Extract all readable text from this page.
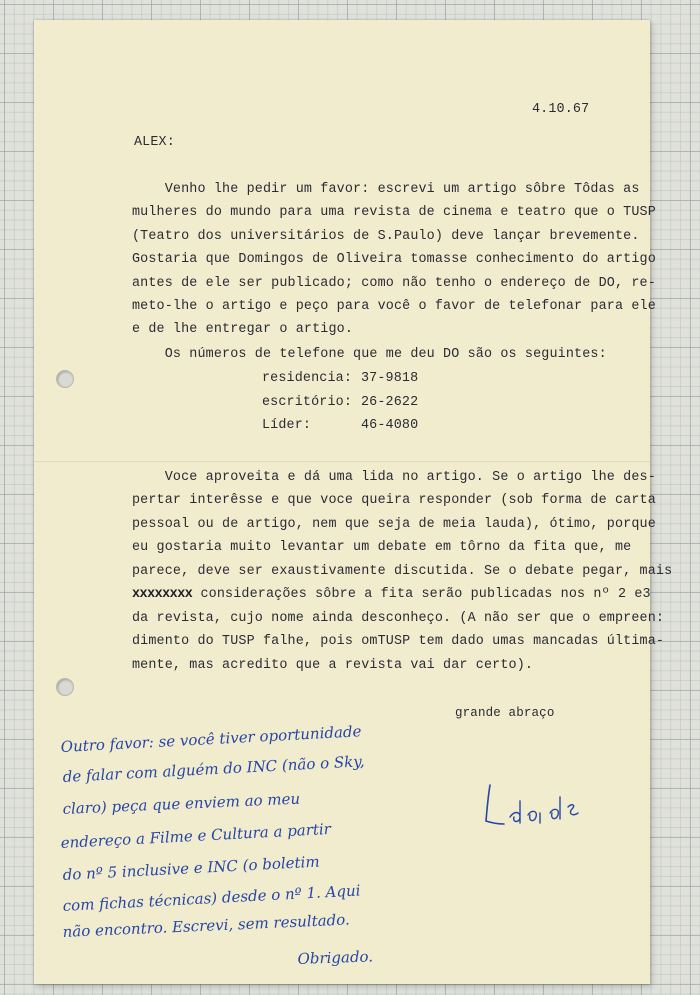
4.10.67
ALEX:
Venho lhe pedir um favor: escrevi um artigo sôbre Tôdas as
mulheres do mundo para uma revista de cinema e teatro que o TUSP
(Teatro dos universitários de S.Paulo) deve lançar brevemente.
Gostaria que Domingos de Oliveira tomasse conhecimento do artigo
antes de ele ser publicado; como não tenho o endereço de DO, re-
meto-lhe o artigo e peço para você o favor de telefonar para ele
e de lhe entregar o artigo.
Os números de telefone que me deu DO são os seguintes:
residencia: 37-9818
escritório: 26-2622
Líder:	46-4080
Voce aproveita e dá uma lida no artigo. Se o artigo lhe des-
pertar interêsse e que voce queira responder (sob forma de carta
pessoal ou de artigo, nem que seja de meia lauda), ótimo, porque
eu gostaria muito levantar um debate em tôrno da fita que, me
parece, deve ser exaustivamente discutida. Se o debate pegar, mais
xxxxxxxx considerações sôbre a fita serão publicadas nos nº 2 e3
da revista, cujo nome ainda desconheço. (A não ser que o empreen:
dimento do TUSP falhe, pois omTUSP tem dado umas mancadas últimа-
mente, mas acredito que a revista vai dar certo).
grande abraço
Outro favor: se você tiver oportunidade
de falar com alguém do INC (não o Sky,
claro) peça que enviem ao meu
endereço a Filme e Cultura a partir
do nº 5 inclusive e INC (o boletim
com fichas técnicas) desde o nº 1. Aqui
não encontro. Escrevi, sem resultado.
Obrigado.
